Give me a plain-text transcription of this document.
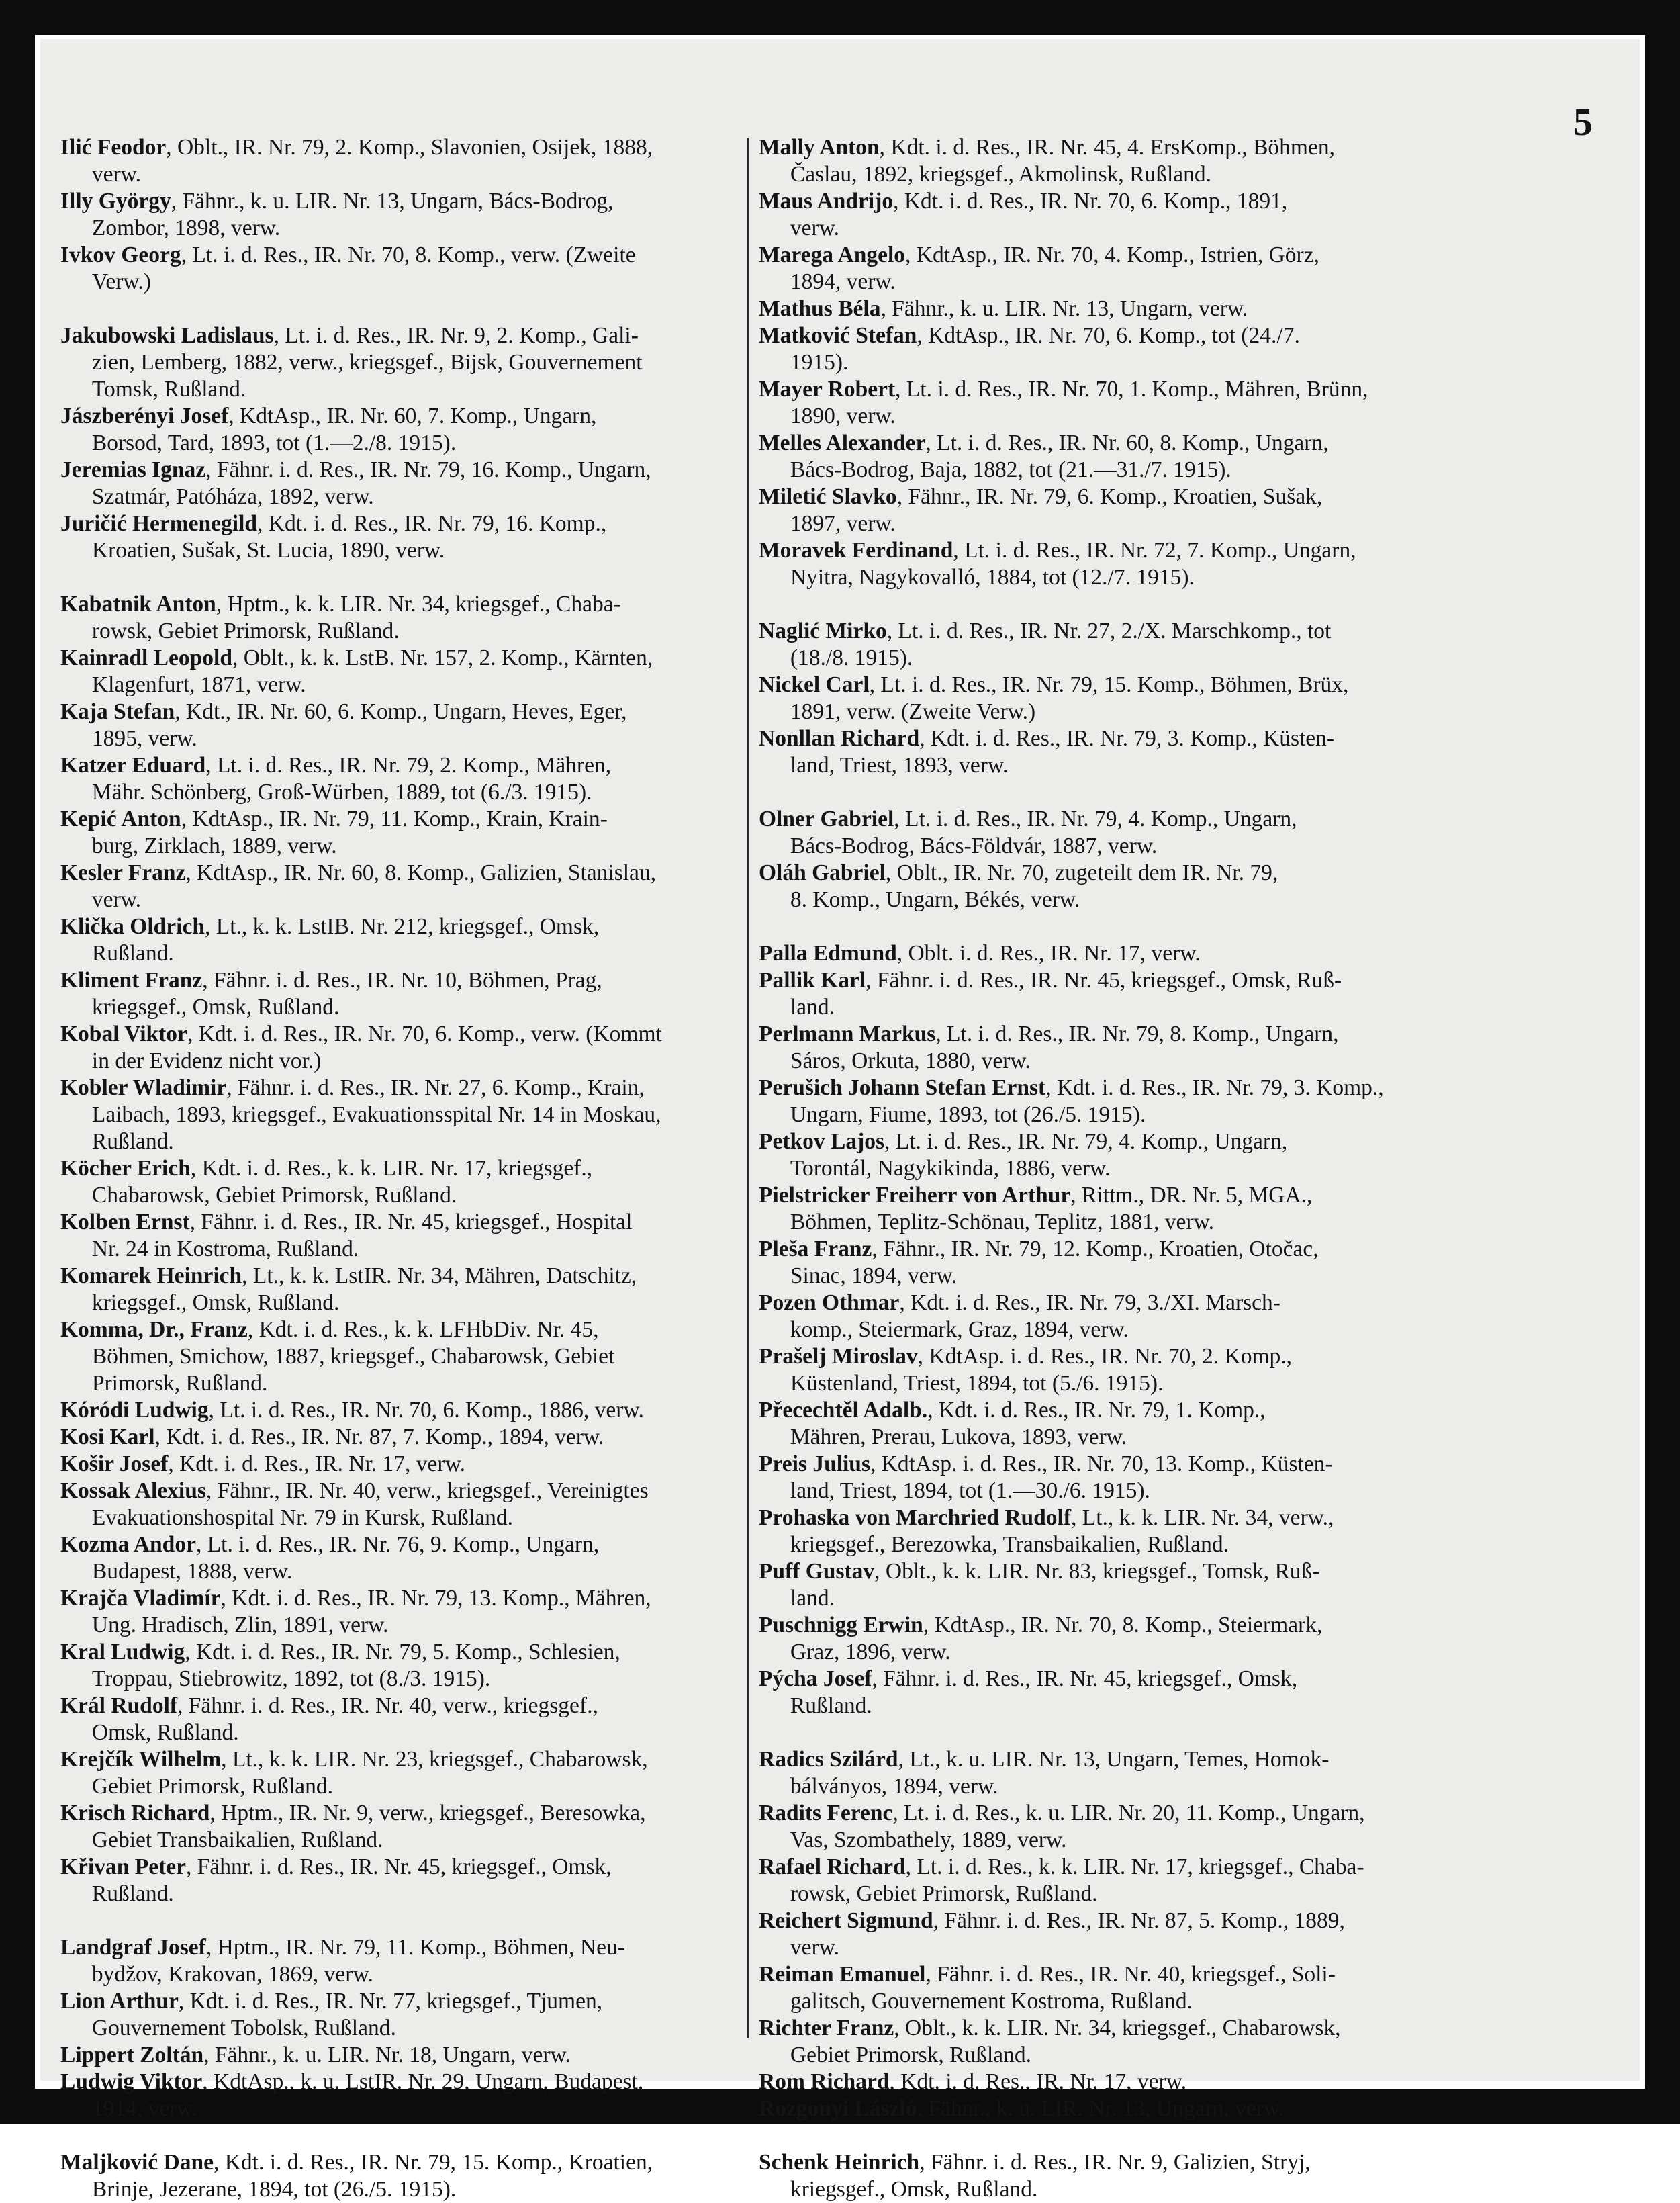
5

Ilić Feodor, Oblt., IR. Nr. 79, 2. Komp., Slavonien, Osijek, 1888,
verw.

Illy György, Fähnr., k. u. LIR. Nr. 13, Ungarn, Bács-Bodrog,
Zombor, 1898, verw.

Ivkov Georg, Lt. i. d. Res., IR. Nr. 70, 8. Komp., verw. (Zweite
Verw.)

Jakubowski Ladislaus, Lt. i. d. Res., IR. Nr. 9, 2. Komp., Gali-
zien, Lemberg, 1882, verw., kriegsgef., Bijsk, Gouvernement
Tomsk, Rußland.

Jászberényi Josef, KdtAsp., IR. Nr. 60, 7. Komp., Ungarn,
Borsod, Tard, 1893, tot (1.—2./8. 1915).

Jeremias Ignaz, Fähnr. i. d. Res., IR. Nr. 79, 16. Komp., Ungarn,
Szatmár, Patóháza, 1892, verw.

Juričić Hermenegild, Kdt. i. d. Res., IR. Nr. 79, 16. Komp.,
Kroatien, Sušak, St. Lucia, 1890, verw.

Kabatnik Anton, Hptm., k. k. LIR. Nr. 34, kriegsgef., Chaba-
rowsk, Gebiet Primorsk, Rußland.

Kainradl Leopold, Oblt., k. k. LstB. Nr. 157, 2. Komp., Kärnten,
Klagenfurt, 1871, verw.

Kaja Stefan, Kdt., IR. Nr. 60, 6. Komp., Ungarn, Heves, Eger,
1895, verw.

Katzer Eduard, Lt. i. d. Res., IR. Nr. 79, 2. Komp., Mähren,
Mähr. Schönberg, Groß-Würben, 1889, tot (6./3. 1915).

Kepić Anton, KdtAsp., IR. Nr. 79, 11. Komp., Krain, Krain-
burg, Zirklach, 1889, verw.

Kesler Franz, KdtAsp., IR. Nr. 60, 8. Komp., Galizien, Stanislau,
verw.

Klička Oldrich, Lt., k. k. LstIB. Nr. 212, kriegsgef., Omsk,
Rußland.

Kliment Franz, Fähnr. i. d. Res., IR. Nr. 10, Böhmen, Prag,
kriegsgef., Omsk, Rußland.

Kobal Viktor, Kdt. i. d. Res., IR. Nr. 70, 6. Komp., verw. (Kommt
in der Evidenz nicht vor.)

Kobler Wladimir, Fähnr. i. d. Res., IR. Nr. 27, 6. Komp., Krain,
Laibach, 1893, kriegsgef., Evakuationsspital Nr. 14 in Moskau,
Rußland.

Köcher Erich, Kdt. i. d. Res., k. k. LIR. Nr. 17, kriegsgef.,
Chabarowsk, Gebiet Primorsk, Rußland.

Kolben Ernst, Fähnr. i. d. Res., IR. Nr. 45, kriegsgef., Hospital
Nr. 24 in Kostroma, Rußland.

Komarek Heinrich, Lt., k. k. LstIR. Nr. 34, Mähren, Datschitz,
kriegsgef., Omsk, Rußland.

Komma, Dr., Franz, Kdt. i. d. Res., k. k. LFHbDiv. Nr. 45,
Böhmen, Smichow, 1887, kriegsgef., Chabarowsk, Gebiet
Primorsk, Rußland.

Kóródi Ludwig, Lt. i. d. Res., IR. Nr. 70, 6. Komp., 1886, verw.

Kosi Karl, Kdt. i. d. Res., IR. Nr. 87, 7. Komp., 1894, verw.

Košir Josef, Kdt. i. d. Res., IR. Nr. 17, verw.

Kossak Alexius, Fähnr., IR. Nr. 40, verw., kriegsgef., Vereinigtes
Evakuationshospital Nr. 79 in Kursk, Rußland.

Kozma Andor, Lt. i. d. Res., IR. Nr. 76, 9. Komp., Ungarn,
Budapest, 1888, verw.

Krajča Vladimír, Kdt. i. d. Res., IR. Nr. 79, 13. Komp., Mähren,
Ung. Hradisch, Zlin, 1891, verw.

Kral Ludwig, Kdt. i. d. Res., IR. Nr. 79, 5. Komp., Schlesien,
Troppau, Stiebrowitz, 1892, tot (8./3. 1915).

Král Rudolf, Fähnr. i. d. Res., IR. Nr. 40, verw., kriegsgef.,
Omsk, Rußland.

Krejčík Wilhelm, Lt., k. k. LIR. Nr. 23, kriegsgef., Chabarowsk,
Gebiet Primorsk, Rußland.

Krisch Richard, Hptm., IR. Nr. 9, verw., kriegsgef., Beresowka,
Gebiet Transbaikalien, Rußland.

Křivan Peter, Fähnr. i. d. Res., IR. Nr. 45, kriegsgef., Omsk,
Rußland.

Landgraf Josef, Hptm., IR. Nr. 79, 11. Komp., Böhmen, Neu-
bydžov, Krakovan, 1869, verw.

Lion Arthur, Kdt. i. d. Res., IR. Nr. 77, kriegsgef., Tjumen,
Gouvernement Tobolsk, Rußland.

Lippert Zoltán, Fähnr., k. u. LIR. Nr. 18, Ungarn, verw.

Ludwig Viktor, KdtAsp., k. u. LstIR. Nr. 29, Ungarn, Budapest,
1914, verw.

Maljković Dane, Kdt. i. d. Res., IR. Nr. 79, 15. Komp., Kroatien,
Brinje, Jezerane, 1894, tot (26./5. 1915).

Mally Anton, Kdt. i. d. Res., IR. Nr. 45, 4. ErsKomp., Böhmen,
Časlau, 1892, kriegsgef., Akmolinsk, Rußland.

Maus Andrijo, Kdt. i. d. Res., IR. Nr. 70, 6. Komp., 1891,
verw.

Marega Angelo, KdtAsp., IR. Nr. 70, 4. Komp., Istrien, Görz,
1894, verw.

Mathus Béla, Fähnr., k. u. LIR. Nr. 13, Ungarn, verw.

Matković Stefan, KdtAsp., IR. Nr. 70, 6. Komp., tot (24./7.
1915).

Mayer Robert, Lt. i. d. Res., IR. Nr. 70, 1. Komp., Mähren, Brünn,
1890, verw.

Melles Alexander, Lt. i. d. Res., IR. Nr. 60, 8. Komp., Ungarn,
Bács-Bodrog, Baja, 1882, tot (21.—31./7. 1915).

Miletić Slavko, Fähnr., IR. Nr. 79, 6. Komp., Kroatien, Sušak,
1897, verw.

Moravek Ferdinand, Lt. i. d. Res., IR. Nr. 72, 7. Komp., Ungarn,
Nyitra, Nagykovalló, 1884, tot (12./7. 1915).

Naglić Mirko, Lt. i. d. Res., IR. Nr. 27, 2./X. Marschkomp., tot
(18./8. 1915).

Nickel Carl, Lt. i. d. Res., IR. Nr. 79, 15. Komp., Böhmen, Brüx,
1891, verw. (Zweite Verw.)

Nonllan Richard, Kdt. i. d. Res., IR. Nr. 79, 3. Komp., Küsten-
land, Triest, 1893, verw.

Olner Gabriel, Lt. i. d. Res., IR. Nr. 79, 4. Komp., Ungarn,
Bács-Bodrog, Bács-Földvár, 1887, verw.

Oláh Gabriel, Oblt., IR. Nr. 70, zugeteilt dem IR. Nr. 79,
8. Komp., Ungarn, Békés, verw.

Palla Edmund, Oblt. i. d. Res., IR. Nr. 17, verw.

Pallik Karl, Fähnr. i. d. Res., IR. Nr. 45, kriegsgef., Omsk, Ruß-
land.

Perlmann Markus, Lt. i. d. Res., IR. Nr. 79, 8. Komp., Ungarn,
Sáros, Orkuta, 1880, verw.

Perušich Johann Stefan Ernst, Kdt. i. d. Res., IR. Nr. 79, 3. Komp.,
Ungarn, Fiume, 1893, tot (26./5. 1915).

Petkov Lajos, Lt. i. d. Res., IR. Nr. 79, 4. Komp., Ungarn,
Torontál, Nagykikinda, 1886, verw.

Pielstricker Freiherr von Arthur, Rittm., DR. Nr. 5, MGA.,
Böhmen, Teplitz-Schönau, Teplitz, 1881, verw.

Pleša Franz, Fähnr., IR. Nr. 79, 12. Komp., Kroatien, Otočac,
Sinac, 1894, verw.

Pozen Othmar, Kdt. i. d. Res., IR. Nr. 79, 3./XI. Marsch-
komp., Steiermark, Graz, 1894, verw.

Prašelj Miroslav, KdtAsp. i. d. Res., IR. Nr. 70, 2. Komp.,
Küstenland, Triest, 1894, tot (5./6. 1915).

Přecechtěl Adalb., Kdt. i. d. Res., IR. Nr. 79, 1. Komp.,
Mähren, Prerau, Lukova, 1893, verw.

Preis Julius, KdtAsp. i. d. Res., IR. Nr. 70, 13. Komp., Küsten-
land, Triest, 1894, tot (1.—30./6. 1915).

Prohaska von Marchried Rudolf, Lt., k. k. LIR. Nr. 34, verw.,
kriegsgef., Berezowka, Transbaikalien, Rußland.

Puff Gustav, Oblt., k. k. LIR. Nr. 83, kriegsgef., Tomsk, Ruß-
land.

Puschnigg Erwin, KdtAsp., IR. Nr. 70, 8. Komp., Steiermark,
Graz, 1896, verw.

Pýcha Josef, Fähnr. i. d. Res., IR. Nr. 45, kriegsgef., Omsk,
Rußland.

Radics Szilárd, Lt., k. u. LIR. Nr. 13, Ungarn, Temes, Homok-
bálványos, 1894, verw.

Radits Ferenc, Lt. i. d. Res., k. u. LIR. Nr. 20, 11. Komp., Ungarn,
Vas, Szombathely, 1889, verw.

Rafael Richard, Lt. i. d. Res., k. k. LIR. Nr. 17, kriegsgef., Chaba-
rowsk, Gebiet Primorsk, Rußland.

Reichert Sigmund, Fähnr. i. d. Res., IR. Nr. 87, 5. Komp., 1889,
verw.

Reiman Emanuel, Fähnr. i. d. Res., IR. Nr. 40, kriegsgef., Soli-
galitsch, Gouvernement Kostroma, Rußland.

Richter Franz, Oblt., k. k. LIR. Nr. 34, kriegsgef., Chabarowsk,
Gebiet Primorsk, Rußland.

Rom Richard, Kdt. i. d. Res., IR. Nr. 17, verw.

Rozgonyi László, Fähnr., k. u. LIR. Nr. 13, Ungarn, verw.

Schenk Heinrich, Fähnr. i. d. Res., IR. Nr. 9, Galizien, Stryj,
kriegsgef., Omsk, Rußland.
